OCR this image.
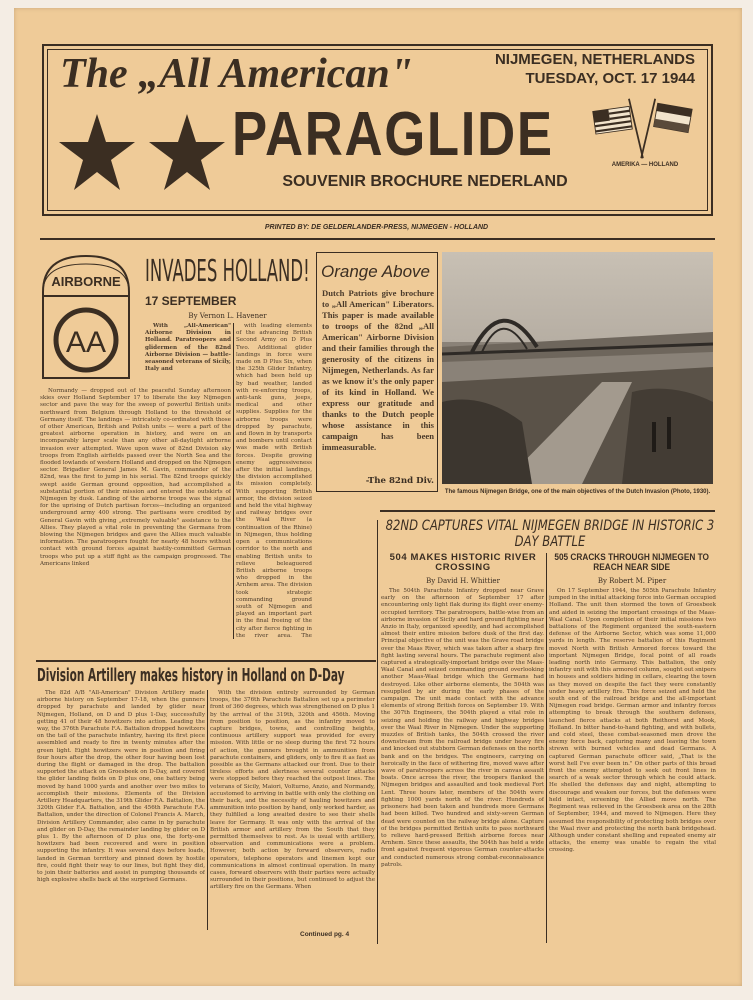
The „All American"
PARAGLIDE
NIJMEGEN, NETHERLANDS
TUESDAY, OCT. 17 1944
AMERIKA — HOLLAND
SOUVENIR BROCHURE NEDERLAND
PRINTED BY: DE GELDERLANDER-PRESS, NIJMEGEN - HOLLAND
AIRBORNE
AA
INVADES HOLLAND!
17 SEPTEMBER
By Vernon L. Havener

With „All-American" Airborne Division in Holland. Paratroopers and glidermen of the 82nd Airborne Division — battle-seasoned veterans of Sicily, Italy and

Normandy — dropped out of the peaceful Sunday afternoon skies over Holland September 17 to liberate the key Nijmegen sector and pave the way for the sweep of powerful British units northward from Belgium through Holland to the threshold of Germany itself. The landings — intricately co-ordinated with those of other American, British and Polish units — were a part of the greatest airborne operation in history, and were on an incomparably larger scale than any other all-daylight airborne invasion ever attempted. Wave upon wave of 82nd Division sky troops from English airfields passed over the North Sea and the flooded lowlands of western Holland and dropped on the Nijmegen sector. Brigadier General James M. Gavin, commander of the 82nd, was the first to jump in his serial. The 82nd troops quickly swept aside German ground opposition, had accomplished a substantial portion of their mission and entered the outskirts of Nijmegen by dusk. Landing of the airborne troops was the signal for the uprising of Dutch partisan forces—including an organized underground army 400 strong. The partisans were credited by General Gavin with giving „extremely valuable" assistance to the Allies. They played a vital role in preventing the Germans from blowing the Nijmegen bridges and gave the Allies much valuable information. The paratroopers fought for nearly 48 hours without contact with ground forces against hastily-committed German troops who put up a stiff fight as the campaign progressed. The Americans linked

with leading elements of the advancing British Second Army on D Plus Two. Additional glider landings in force were made on D Plus Six, when the 325th Glider Infantry, which had been held up by bad weather, landed with re-enforcing troops, anti-tank guns, jeeps, medical and other supplies. Supplies for the airborne troops were dropped by parachute, and flown in by transports and bombers until contact was made with British forces. Despite growing enemy aggressiveness after the initial landings, the division accomplished its mission completely. With supporting British armor, the division seized and held the vital highway and railway bridges over the Waal River (a continuation of the Rhine) in Nijmegen, thus holding open a communications corridor to the north and enabling British units to relieve beleaguered British airborne troops who dropped in the Arnhem area. The division took strategic commanding ground south of Nijmegen and played an important part in the final freeing of the city after fierce fighting in the river area. The

Orange Above
Dutch Patriots give brochure to „All American" Liberators. This paper is made available to troops of the 82nd „All American" Airborne Division and their families through the generosity of the citizens in Nijmegen, Netherlands. As far as we know it's the only paper of its kind in Holland. We express our gratitude and thanks to the Dutch people whose assistance in this campaign has been immeasurable.
-The 82nd Div.
The famous Nijmegen Bridge, one of the main objectives of the Dutch Invasion (Photo, 1930).
82ND CAPTURES VITAL NIJMEGEN BRIDGE IN HISTORIC 3 DAY BATTLE
504 MAKES HISTORIC RIVER CROSSING
505 CRACKS THROUGH NIJMEGEN TO REACH NEAR SIDE
By David H. Whittier	By Robert M. Piper

The 504th Parachute Infantry dropped near Grave early on the afternoon of September 17 after encountering only light flak during its flight over enemy-occupied territory. The paratroopers, battle-wise from an airborne invasion of Sicily and hard ground fighting near Anzio in Italy, organized speedily, and had accomplished almost their entire mission before dusk of the first day. Principal objective of the unit was the Grave road bridge over the Maas River, which was taken after a sharp fire fight lasting several hours. The parachute regiment also captured a strategically-important bridge over the Maas-Waal Canal and seized commanding ground overlooking another Maas-Waal bridge which the Germans had destroyed. Like other airborne elements, the 504th was resupplied by air during the early phases of the campaign. The unit made contact with the advance elements of strong British forces on September 19. With the 307th Engineers, the 504th played a vital role in seizing and holding the railway and highway bridges over the Waal River in Nijmegen. Under the supporting muzzles of British tanks, the 504th crossed the river downstream from the railroad bridge under heavy fire and knocked out stubborn German defenses on the north bank and on the bridges. The engineers, carrying on heroically in the face of withering fire, moved wave after wave of paratroopers across the river in canvas assault boats. Once across the river, the troopers flanked the Nijmegen bridges and assaulted and took medieval Fort Lent. Three hours later, members of the 504th were fighting 1000 yards north of the river. Hundreds of prisoners had been taken and hundreds more Germans had been killed. Two hundred and sixty-seven German dead were counted on the railway bridge alone. Capture of the bridges permitted British units to pass northward to relieve hard-pressed British airborne forces near Arnhem. Since these assaults, the 504th has held a wide front against frequent vigorous German counter-attacks and conducted numerous strong combat-reconnaissance patrols.

On 17 September 1944, the 505th Parachute Infantry jumped in the initial attacking force into German occupied Holland. The unit then stormed the town of Groesbeek and aided in seizing the important crossings of the Maas-Waal Canal. Upon completion of their initial missions two battalions of the Regiment organized the south-eastern defense of the Airborne Sector, which was some 11,000 yards in length. The reserve battalion of this Regiment moved North with British Armored forces toward the important Nijmegen Bridge, focal point of all roads leading north into Germany. This battalion, the only infantry unit with this armored column, sought out snipers in houses and soldiers hiding in cellars, clearing the town as they moved on despite the fact they were constantly under heavy artillery fire. This force seized and held the south end of the railroad bridge and the all-important Nijmegen road bridge. German armor and infantry forces attempting to break through the southern defenses, launched fierce attacks at both Reithorst and Mook, Holland. In bitter hand-to-hand fighting, and with bullets, and cold steel, these combat-seasoned men drove the enemy force back, capturing many and leaving the town strewn with burned vehicles and dead Germans. A captured German parachute officer said, „That is the worst hell I've ever been in." On other parts of this broad front the enemy attempted to seek out front lines in search of a weak sector through which he could attack. He shelled the defenses day and night, attempting to discourage and weaken our forces, but the defenses were held intact, screening the Allied move north. The Regiment was relieved in the Groesbeek area on the 28th of September, 1944, and moved to Nijmegen. Here they assumed the responsibility of protecting both bridges over the Waal river and protecting the north bank bridgehead. Although under constant shelling and repeated enemy air attacks, the enemy was unable to regain the vital crossing.

Division Artillery makes history in Holland on D-Day

The 82d A/B "All-American" Division Artillery made airborne history on September 17-18, when the gunners dropped by parachute and landed by glider near Nijmegen, Holland, on D and D plus 1-Day, successfully getting 41 of their 48 howitzers into action. Leading the way, the 376th Parachute F.A. Battalion dropped howitzers on the tail of the parachute infantry, having its first piece assembled and ready to fire in twenty minutes after the green light. Eight howitzers were in position and firing four hours after the drop, the other four having been lost during the flight or damaged in the drop. The battalion supported the attack on Groesbeek on D-Day, and covered the glider landing fields on D plus one, one battery being moved by hand 1000 yards and another over two miles to accomplish their missions. Elements of the Division Artillery Headquarters, the 319th Glider F.A. Battalion, the 320th Glider F.A. Battalion, and the 456th Parachute F.A. Battalion, under the direction of Colonel Francis A. March, Division Artillery Commander, also came in by parachute and glider on D-Day, the remainder landing by glider on D plus 1. By the afternoon of D plus one, the forty-one howitzers had been recovered and were in position supporting the infantry. It was several days before loads, landed in German territory and pinned down by hostile fire, could fight their way to our lines, but fight they did, to join their batteries and assist in pumping thousands of high explosive shells back at the surprised Germans.

With the division entirely surrounded by German troops, the 376th Parachute Battalion set up a perimeter front of 360 degrees, which was strengthened on D plus 1 by the arrival of the 319th, 320th and 456th. Moving from position to position, as the infantry moved to capture bridges, towns, and controlling heights, continuous artillery support was provided for every mission. With little or no sleep during the first 72 hours of action, the gunners brought in ammunition from parachute containers, and gliders, only to fire it as fast as possible as the Germans attacked our front. Due to their tireless efforts and alertness several counter attacks were stopped before they reached the outpost lines. The veterans of Sicily, Maiori, Volturno, Anzio, and Normandy, accustomed to arriving in battle with only the clothing on their back, and the necessity of hauling howitzers and ammunition into position by hand, only worked harder, as they fulfilled a long awaited desire to see their shells leave for Germany. It was only with the arrival of the British armor and artillery from the South that they permitted themselves to rest. As is usual with artillery, observation and communications were a problem. However, both action by forward observers, radio operators, telephone operators and linemen kept our communications in almost continual operation. In many cases, forward observers with their parties were actually surrounded in their positions, but continued to adjust the artillery fire on the Germans. When

Continued pg. 4
